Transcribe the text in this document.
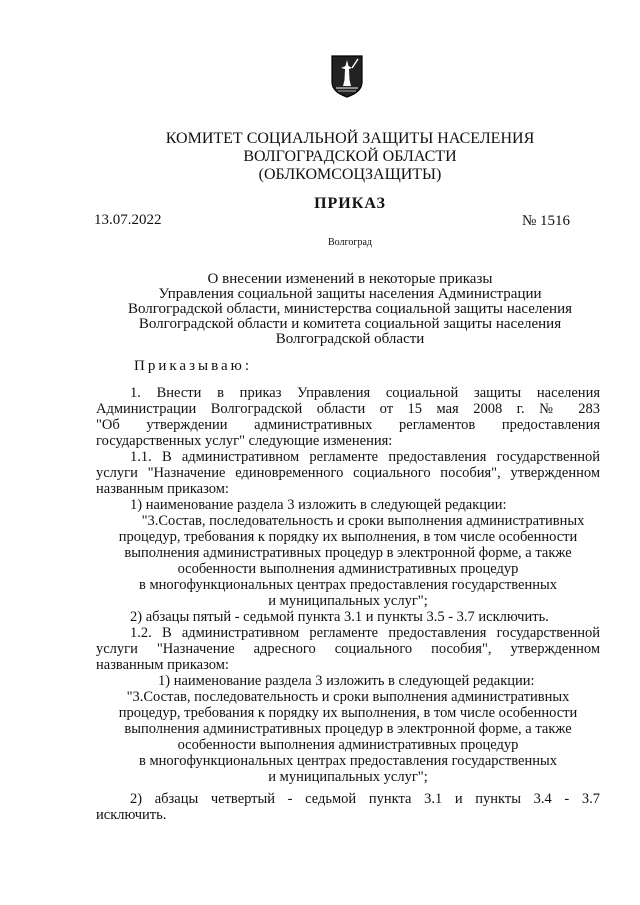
КОМИТЕТ СОЦИАЛЬНОЙ ЗАЩИТЫ НАСЕЛЕНИЯ
ВОЛГОГРАДСКОЙ ОБЛАСТИ
(ОБЛКОМСОЦЗАЩИТЫ)
ПРИКАЗ
13.07.2022	№ 1516
Волгоград
О внесении изменений в некоторые приказы
Управления социальной защиты населения Администрации
Волгоградской области, министерства социальной защиты населения
Волгоградской области и комитета социальной защиты населения
Волгоградской области
Приказываю:
1. Внести в приказ Управления социальной защиты населения
Администрации Волгоградской области от 15 мая 2008 г. № 283
"Об утверждении административных регламентов предоставления
государственных услуг" следующие изменения:
1.1. В административном регламенте предоставления государственной
услуги "Назначение единовременного социального пособия", утвержденном
названным приказом:
1) наименование раздела 3 изложить в следующей редакции:
"3.Состав, последовательность и сроки выполнения административных
процедур, требования к порядку их выполнения, в том числе особенности
выполнения административных процедур в электронной форме, а также
особенности выполнения административных процедур
в многофункциональных центрах предоставления государственных
и муниципальных услуг";
2) абзацы пятый - седьмой пункта 3.1 и пункты 3.5 - 3.7 исключить.
1.2. В административном регламенте предоставления государственной
услуги "Назначение адресного социального пособия", утвержденном
названным приказом:
1) наименование раздела 3 изложить в следующей редакции:
"3.Состав, последовательность и сроки выполнения административных
процедур, требования к порядку их выполнения, в том числе особенности
выполнения административных процедур в электронной форме, а также
особенности выполнения административных процедур
в многофункциональных центрах предоставления государственных
и муниципальных услуг";
2) абзацы четвертый - седьмой пункта 3.1 и пункты 3.4 - 3.7
исключить.
